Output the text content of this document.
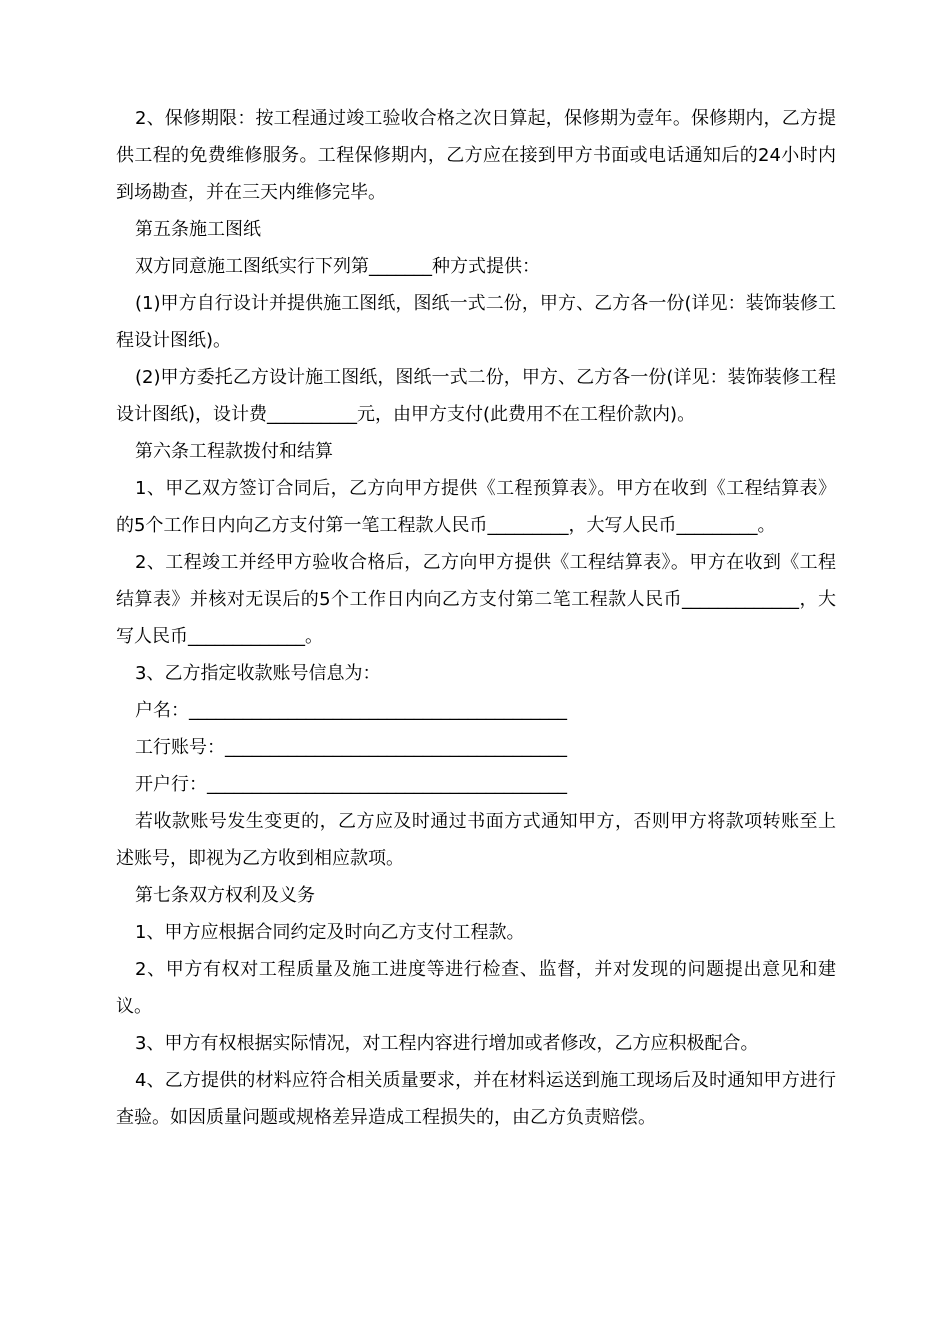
2、保修期限：按工程通过竣工验收合格之次日算起，保修期为壹年。保修期内，乙方提供工程的免费维修服务。工程保修期内，乙方应在接到甲方书面或电话通知后的24小时内到场勘查，并在三天内维修完毕。

第五条施工图纸

双方同意施工图纸实行下列第_______种方式提供：

(1)甲方自行设计并提供施工图纸，图纸一式二份，甲方、乙方各一份(详见：装饰装修工程设计图纸)。

(2)甲方委托乙方设计施工图纸，图纸一式二份，甲方、乙方各一份(详见：装饰装修工程设计图纸)，设计费__________元，由甲方支付(此费用不在工程价款内)。

第六条工程款拨付和结算

1、甲乙双方签订合同后，乙方向甲方提供《工程预算表》。甲方在收到《工程结算表》的5个工作日内向乙方支付第一笔工程款人民币_________，大写人民币_________。

2、工程竣工并经甲方验收合格后，乙方向甲方提供《工程结算表》。甲方在收到《工程结算表》并核对无误后的5个工作日内向乙方支付第二笔工程款人民币_____________，大写人民币_____________。

3、乙方指定收款账号信息为：

户名：__________________________________________

工行账号：______________________________________

开户行：________________________________________

若收款账号发生变更的，乙方应及时通过书面方式通知甲方，否则甲方将款项转账至上述账号，即视为乙方收到相应款项。

第七条双方权利及义务

1、甲方应根据合同约定及时向乙方支付工程款。

2、甲方有权对工程质量及施工进度等进行检查、监督，并对发现的问题提出意见和建议。

3、甲方有权根据实际情况，对工程内容进行增加或者修改，乙方应积极配合。

4、乙方提供的材料应符合相关质量要求，并在材料运送到施工现场后及时通知甲方进行查验。如因质量问题或规格差异造成工程损失的，由乙方负责赔偿。
